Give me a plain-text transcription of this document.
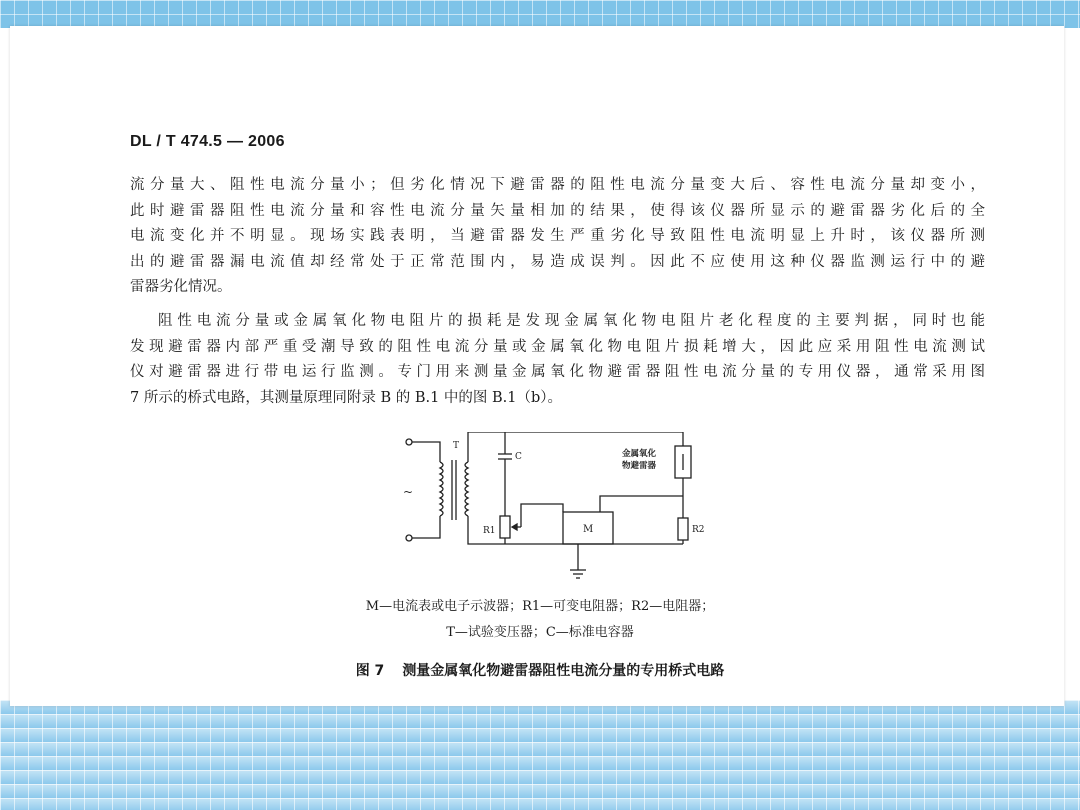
DL / T 474.5 — 2006
流分量大、阻性电流分量小；但劣化情况下避雷器的阻性电流分量变大后、容性电流分量却变小，
此时避雷器阻性电流分量和容性电流分量矢量相加的结果，使得该仪器所显示的避雷器劣化后的全
电流变化并不明显。现场实践表明，当避雷器发生严重劣化导致阻性电流明显上升时，该仪器所测
出的避雷器漏电流值却经常处于正常范围内，易造成误判。因此不应使用这种仪器监测运行中的避
雷器劣化情况。
阻性电流分量或金属氧化物电阻片的损耗是发现金属氧化物电阻片老化程度的主要判据，同时也能
发现避雷器内部严重受潮导致的阻性电流分量或金属氧化物电阻片损耗增大，因此应采用阻性电流测试
仪对避雷器进行带电运行监测。专门用来测量金属氧化物避雷器阻性电流分量的专用仪器，通常采用图
7 所示的桥式电路，其测量原理同附录 B 的 B.1 中的图 B.1（b）。
T
C
~
金属氧化
物避雷器
R1	M	R2
M—电流表或电子示波器；R1—可变电阻器；R2—电阻器；
T—试验变压器；C—标准电容器
图 7 测量金属氧化物避雷器阻性电流分量的专用桥式电路
